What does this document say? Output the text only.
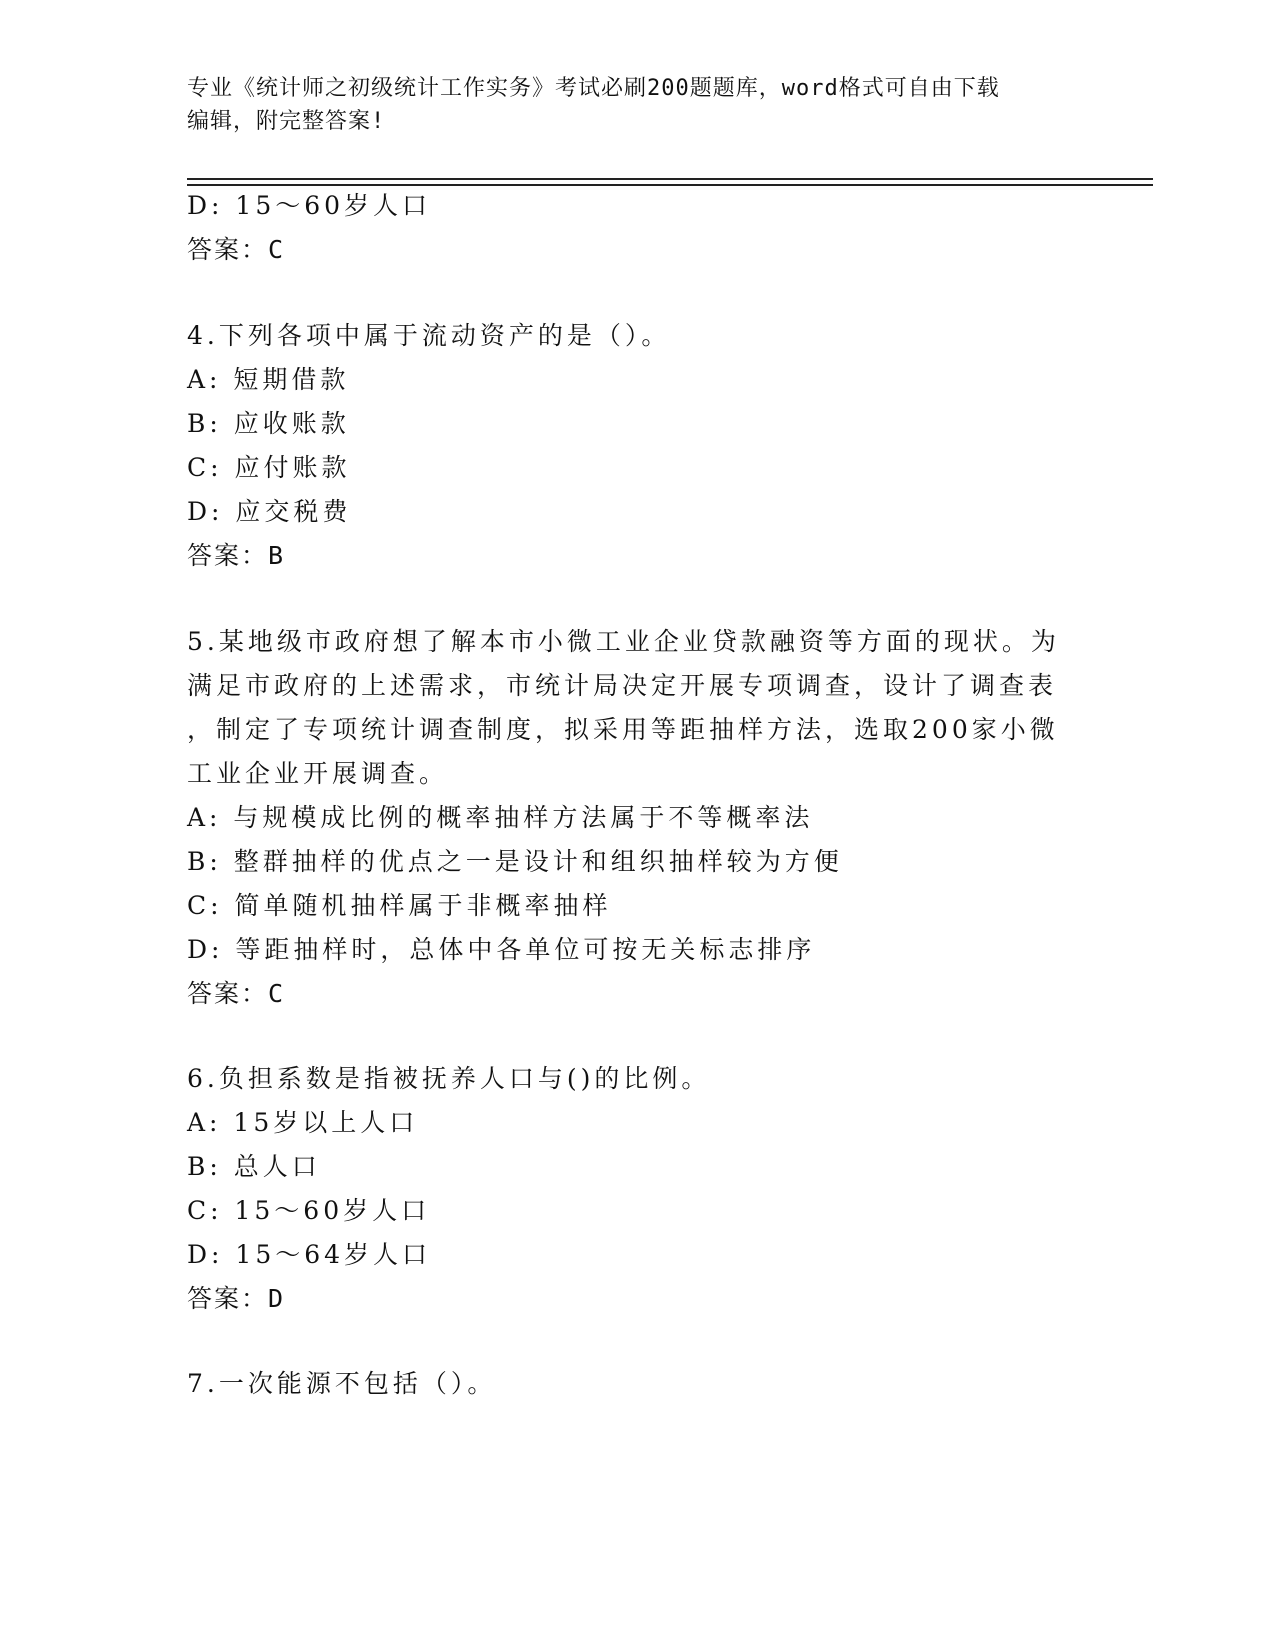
专业《统计师之初级统计工作实务》考试必刷200题题库，word格式可自由下载
编辑，附完整答案!
D: 15～60岁人口
答案：C
4.下列各项中属于流动资产的是（）。
A: 短期借款
B: 应收账款
C: 应付账款
D: 应交税费
答案：B
5.某地级市政府想了解本市小微工业企业贷款融资等方面的现状。为
满足市政府的上述需求，市统计局决定开展专项调查，设计了调查表
，制定了专项统计调查制度，拟采用等距抽样方法，选取200家小微
工业企业开展调查。
A: 与规模成比例的概率抽样方法属于不等概率法
B: 整群抽样的优点之一是设计和组织抽样较为方便
C: 简单随机抽样属于非概率抽样
D: 等距抽样时，总体中各单位可按无关标志排序
答案：C
6.负担系数是指被抚养人口与()的比例。
A: 15岁以上人口
B: 总人口
C: 15～60岁人口
D: 15～64岁人口
答案：D
7.一次能源不包括（）。
